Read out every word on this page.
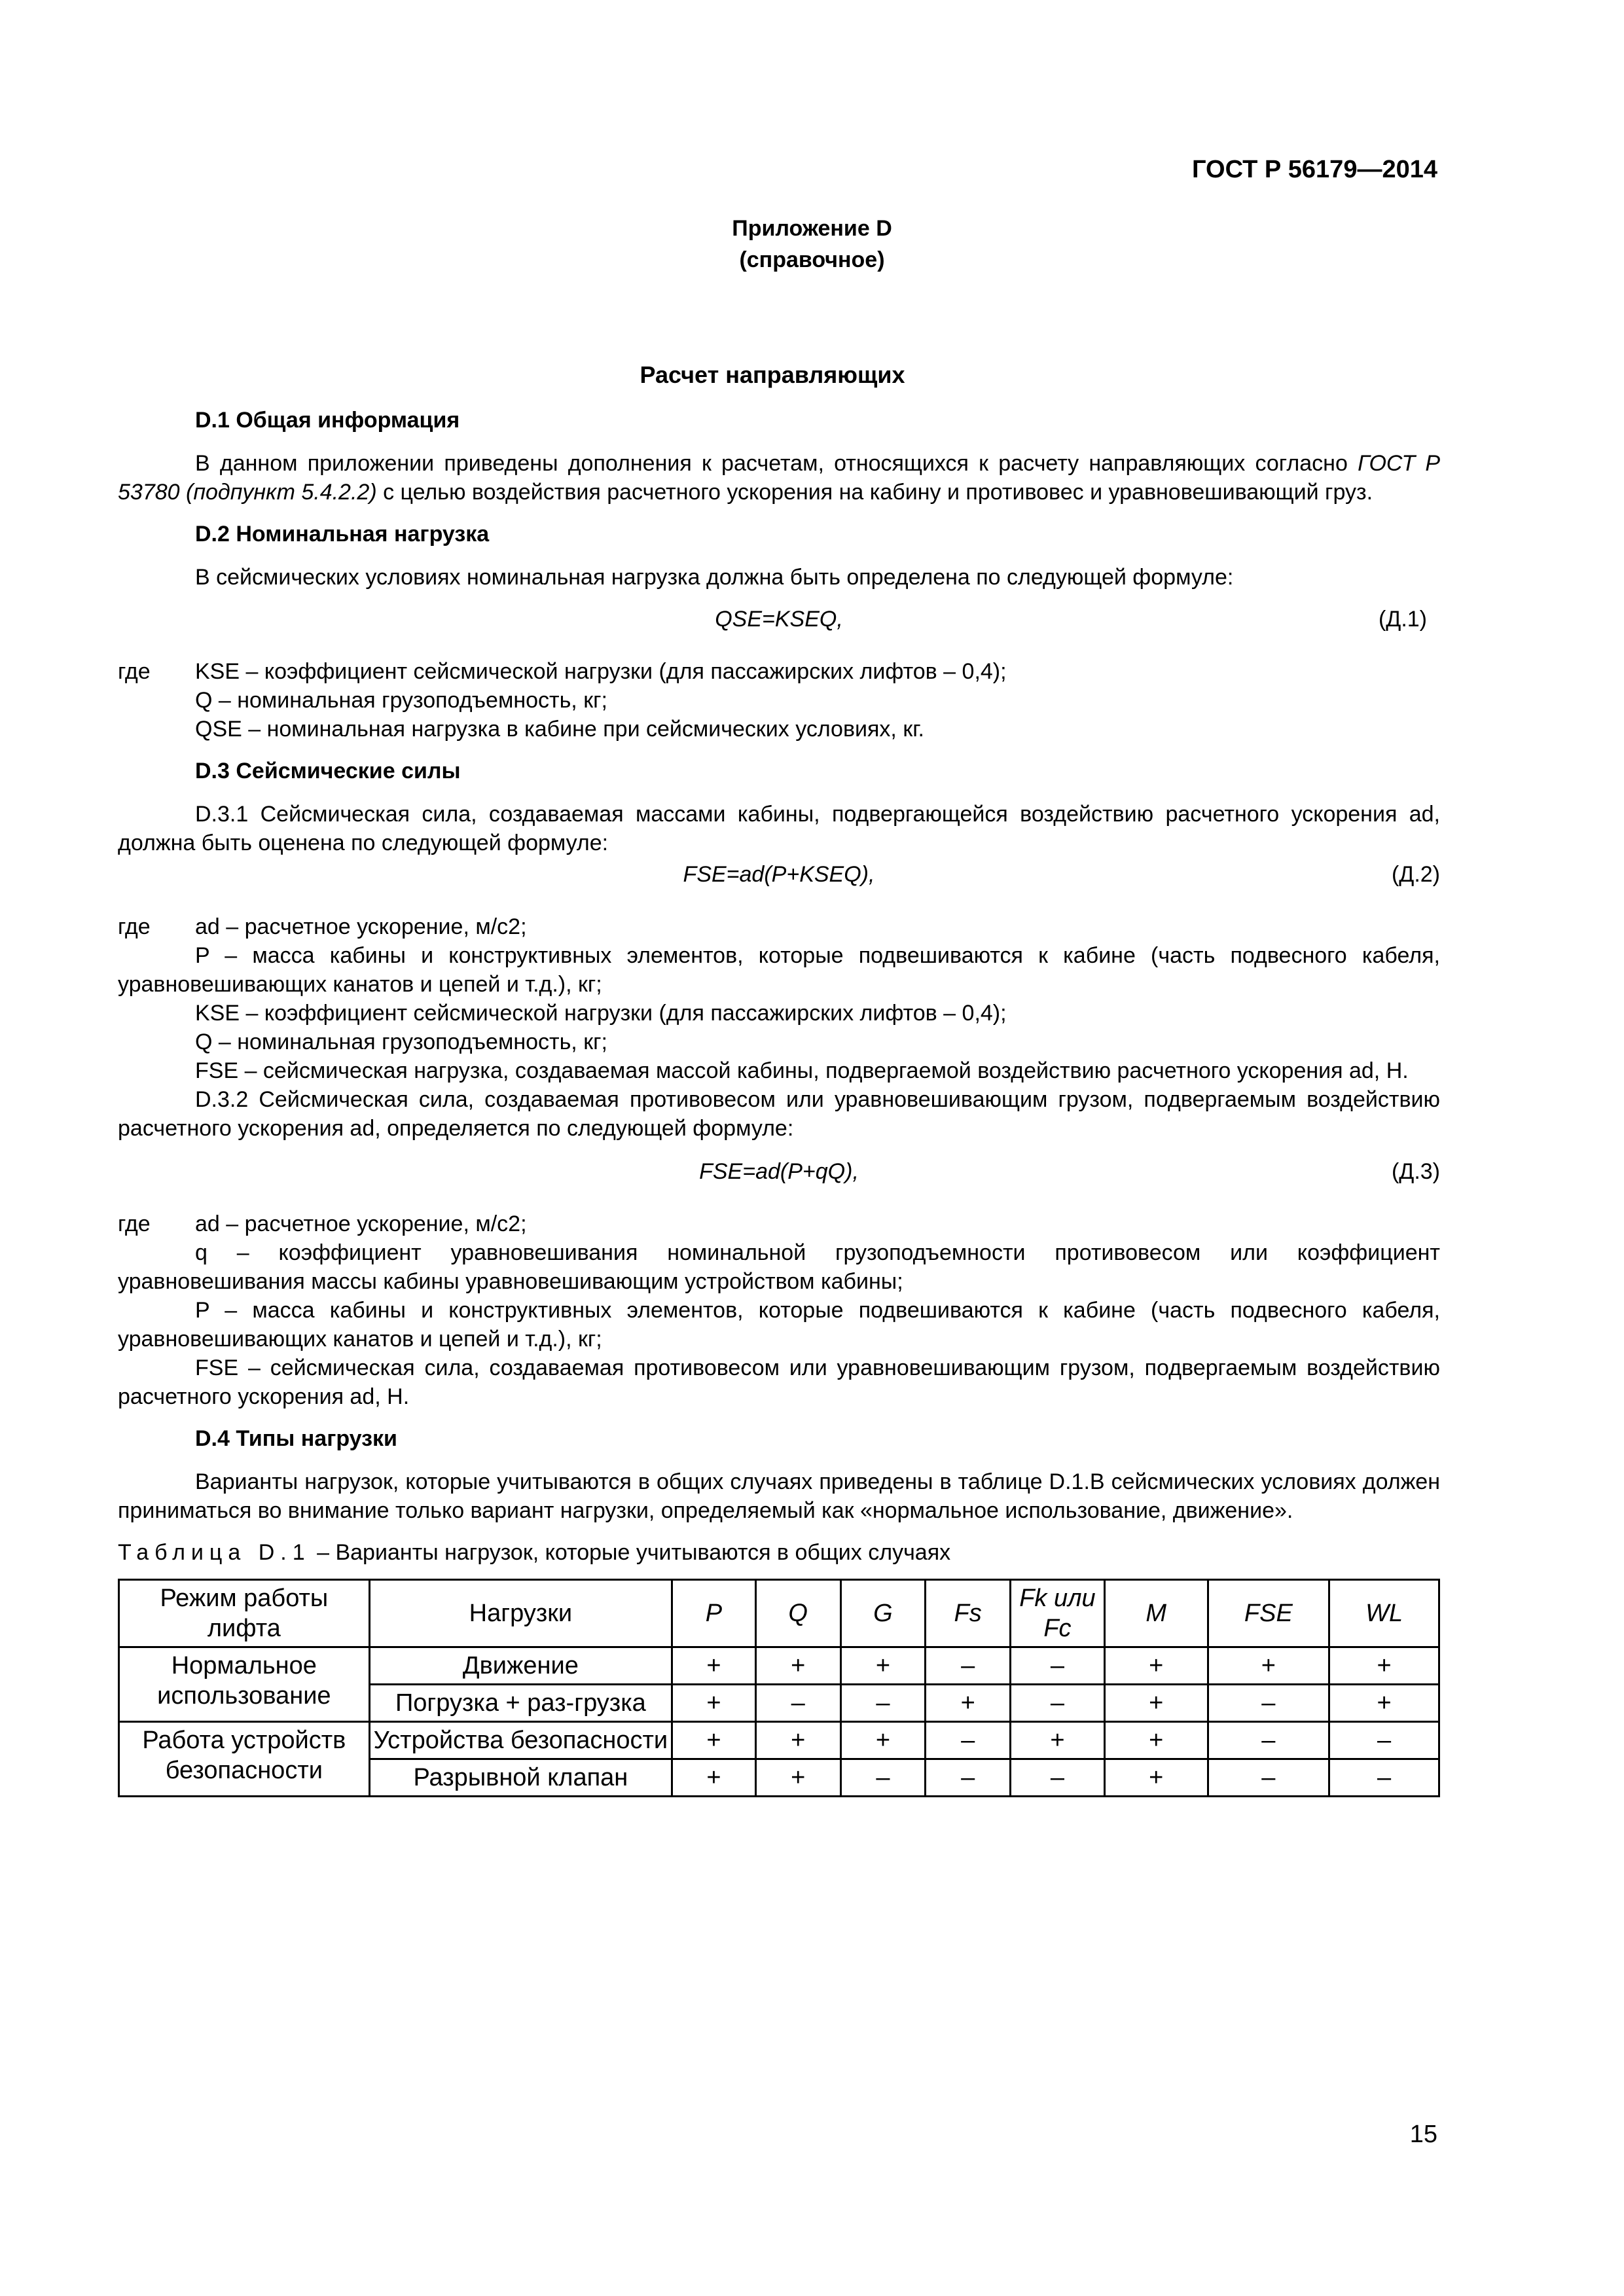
ГОСТ Р 56179—2014
Приложение D
(справочное)
Расчет направляющих
D.1 Общая информация

В данном приложении приведены дополнения к расчетам, относящихся к расчету направляющих согласно ГОСТ Р 53780 (подпункт 5.4.2.2) с целью воздействия расчетного ускорения на кабину и противовес и уравновешивающий груз.

D.2 Номинальная нагрузка

В сейсмических условиях номинальная нагрузка должна быть определена по следующей формуле:

QSE=KSEQ,	(Д.1)
где KSE – коэффициент сейсмической нагрузки (для пассажирских лифтов – 0,4);
Q – номинальная грузоподъемность, кг;
QSE – номинальная нагрузка в кабине при сейсмических условиях, кг.
D.3 Сейсмические силы

D.3.1 Сейсмическая сила, создаваемая массами кабины, подвергающейся воздействию расчетного ускорения ad, должна быть оценена по следующей формуле:

FSE=ad(P+KSEQ),	(Д.2)
где ad – расчетное ускорение, м/с2;
P – масса кабины и конструктивных элементов, которые подвешиваются к кабине (часть подвесного кабеля, уравновешивающих канатов и цепей и т.д.), кг;
KSE – коэффициент сейсмической нагрузки (для пассажирских лифтов – 0,4);
Q – номинальная грузоподъемность, кг;
FSE – сейсмическая нагрузка, создаваемая массой кабины, подвергаемой воздействию расчетного ускорения ad, Н.
D.3.2 Сейсмическая сила, создаваемая противовесом или уравновешивающим грузом, подвергаемым воздействию расчетного ускорения ad, определяется по следующей формуле:
FSE=ad(P+qQ),	(Д.3)
где ad – расчетное ускорение, м/с2;
q – коэффициент уравновешивания номинальной грузоподъемности противовесом или коэффициент уравновешивания массы кабины уравновешивающим устройством кабины;
P – масса кабины и конструктивных элементов, которые подвешиваются к кабине (часть подвесного кабеля, уравновешивающих канатов и цепей и т.д.), кг;
FSE – сейсмическая сила, создаваемая противовесом или уравновешивающим грузом, подвергаемым воздействию расчетного ускорения ad, Н.
D.4 Типы нагрузки

Варианты нагрузок, которые учитываются в общих случаях приведены в таблице D.1.В сейсмических условиях должен приниматься во внимание только вариант нагрузки, определяемый как «нормальное использование, движение».

Таблица D.1 – Варианты нагрузок, которые учитываются в общих случаях
Режим работы лифта	Нагрузки	P	Q	G	Fs	Fk или Fc	M	FSE	WL
Нормальное использование	Движение	+	+	+	–	–	+	+	+
	Погрузка + раз-грузка	+	–	–	+	–	+	–	+
Работа устройств безопасности	Устройства безопасности	+	+	+	–	+	+	–	–
	Разрывной клапан	+	+	–	–	–	+	–	–
15
